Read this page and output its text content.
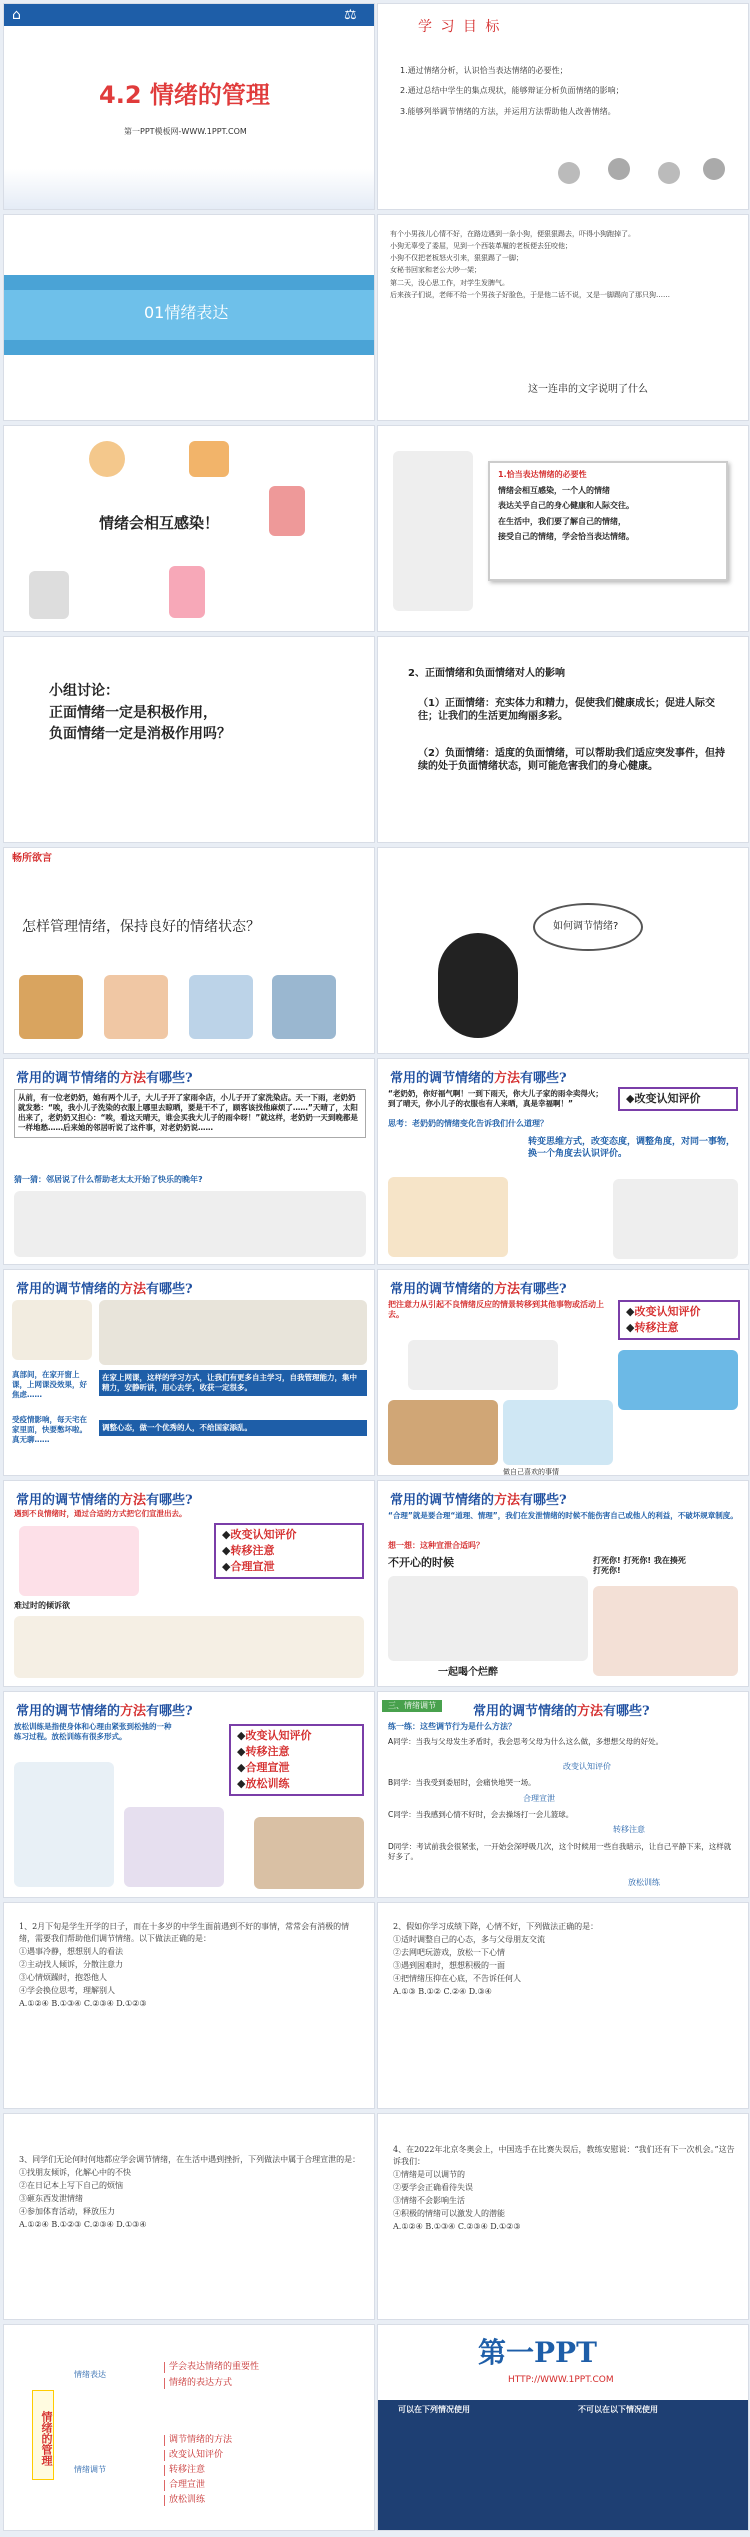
⌂	⚖
4.2 情绪的管理
第一PPT模板网-WWW.1PPT.COM
学 习 目 标
1.通过情绪分析，认识恰当表达情绪的必要性；
2.通过总结中学生的集点现状，能够辩证分析负面情绪的影响；
3.能够列举调节情绪的方法，并运用方法帮助他人改善情绪。
01情绪表达
有个小男孩儿心情不好，在路边遇到一条小狗，便狠狠踢去，吓得小狗跑掉了。
小狗无辜受了委屈，见到一个西装革履的老板便去狂咬他；
小狗不仅把老板怒火引来，狠狠踢了一脚；
女秘书回家和老公大吵一架；
第二天，没心思工作，对学生发脾气。
后来孩子们说，老师不给一个男孩子好脸色，于是他二话不说，又是一脚踢向了那只狗……
这一连串的文字说明了什么
情绪会相互感染！
1.恰当表达情绪的必要性
情绪会相互感染，一个人的情绪
表达关乎自己的身心健康和人际交往。
在生活中，我们要了解自己的情绪，
接受自己的情绪，学会恰当表达情绪。
小组讨论：
正面情绪一定是积极作用，
负面情绪一定是消极作用吗？
2、正面情绪和负面情绪对人的影响
（1）正面情绪：充实体力和精力，促使我们健康成长；促进人际交往；让我们的生活更加绚丽多彩。
（2）负面情绪：适度的负面情绪，可以帮助我们适应突发事件，但持续的处于负面情绪状态，则可能危害我们的身心健康。
畅所欲言
怎样管理情绪，保持良好的情绪状态？	如何调节情绪?
常用的调节情绪的方法有哪些?
从前，有一位老奶奶，她有两个儿子，大儿子开了家雨伞店，小儿子开了家洗染店。天一下雨，老奶奶就发愁：“唉，我小儿子洗染的衣服上哪里去晾晒，要是干不了，顾客该找他麻烦了……”天晴了，太阳出来了，老奶奶又担心：“唉，看这天晴天，谁会买我大儿子的雨伞呀！”就这样，老奶奶一天到晚都是一样地愁……后来她的邻居听说了这件事，对老奶奶说……
猜一猜：邻居说了什么帮助老太太开始了快乐的晚年?
常用的调节情绪的方法有哪些?
“老奶奶，你好福气啊！一到下雨天，你大儿子家的雨伞卖得火；到了晴天，你小儿子的衣服也有人来晒，真是幸福啊！”	◆ 改变认知评价
思考：老奶奶的情绪变化告诉我们什么道理？
转变思维方式，改变态度，调整角度，对同一事物，换一个角度去认识评价。
常用的调节情绪的方法有哪些?
真部间，在家开窗上课，上网课没效果，好焦虑……
受疫情影响，每天宅在家里面，快要憋坏啦。真无聊……
在家上网课，这样的学习方式，让我们有更多自主学习，自我管理能力，集中精力，安静听讲，用心去学，收获一定很多。
调整心态，做一个优秀的人，不给国家添乱。
常用的调节情绪的方法有哪些?
把注意力从引起不良情绪反应的情景转移到其他事物或活动上去。	◆ 改变认知评价
◆ 转移注意
做自己喜欢的事情
常用的调节情绪的方法有哪些?
遇到不良情绪时，通过合适的方式把它们宣泄出去。
◆ 改变认知评价
◆ 转移注意
◆ 合理宣泄
难过时的倾诉欲
常用的调节情绪的方法有哪些?
“合理”就是要合理“道理、情理”，我们在发泄情绪的时候不能伤害自己或他人的利益，不破坏规章制度。
想一想：这种宣泄合适吗？
不开心的时候	打死你! 打死你! 我在揍死打死你!
一起喝个烂醉
常用的调节情绪的方法有哪些?
放松训练是指使身体和心理由紧张到松弛的一种练习过程。放松训练有很多形式。	◆ 改变认知评价
◆ 转移注意
◆ 合理宣泄
◆ 放松训练
三、情绪调节	常用的调节情绪的方法有哪些?
练一练：这些调节行为是什么方法？
A同学：当我与父母发生矛盾时，我会思考父母为什么这么做，多想想父母的好处。
改变认知评价
B同学：当我受到委屈时，会痛快地哭一场。
合理宣泄
C同学：当我感到心情不好时，会去操场打一会儿篮球。
转移注意
D同学：考试前我会很紧张，一开始会深呼吸几次，这个时候用一些自我暗示，让自己平静下来，这样就好多了。
放松训练
1、2月下旬是学生开学的日子，而在十多岁的中学生面前遇到不好的事情，常常会有消极的情绪，需要我们帮助他们调节情绪。以下做法正确的是：
①遇事冷静，想想别人的看法
②主动找人倾诉，分散注意力
③心情烦躁时，抱怨他人
④学会换位思考，理解别人
A.①②④ B.①③④ C.②③④ D.①②③
2、假如你学习成绩下降，心情不好，下列做法正确的是：
①适时调整自己的心态，多与父母朋友交流
②去网吧玩游戏，放松一下心情
③遇到困难时，想想积极的一面
④把情绪压抑在心底，不告诉任何人
A.①③ B.①② C.②④ D.③④
3、同学们无论何时何地都应学会调节情绪，在生活中遇到挫折，下列做法中属于合理宣泄的是：
①找朋友倾诉，化解心中的不快
②在日记本上写下自己的烦恼
③砸东西发泄情绪
④参加体育活动，释放压力
A.①②④ B.①②③ C.②③④ D.①③④
4、在2022年北京冬奥会上，中国选手在比赛失误后，教练安慰说：“我们还有下一次机会。”这告诉我们：
①情绪是可以调节的
②要学会正确看待失误
③情绪不会影响生活
④积极的情绪可以激发人的潜能
A.①②④ B.①③④ C.②③④ D.①②③
情绪的管理
情绪表达
情绪调节
学会表达情绪的重要性
情绪的表达方式
调节情绪的方法
改变认知评价
转移注意
合理宣泄
放松训练
第一PPT
HTTP://WWW.1PPT.COM
可以在下列情况使用	不可以在以下情况使用
